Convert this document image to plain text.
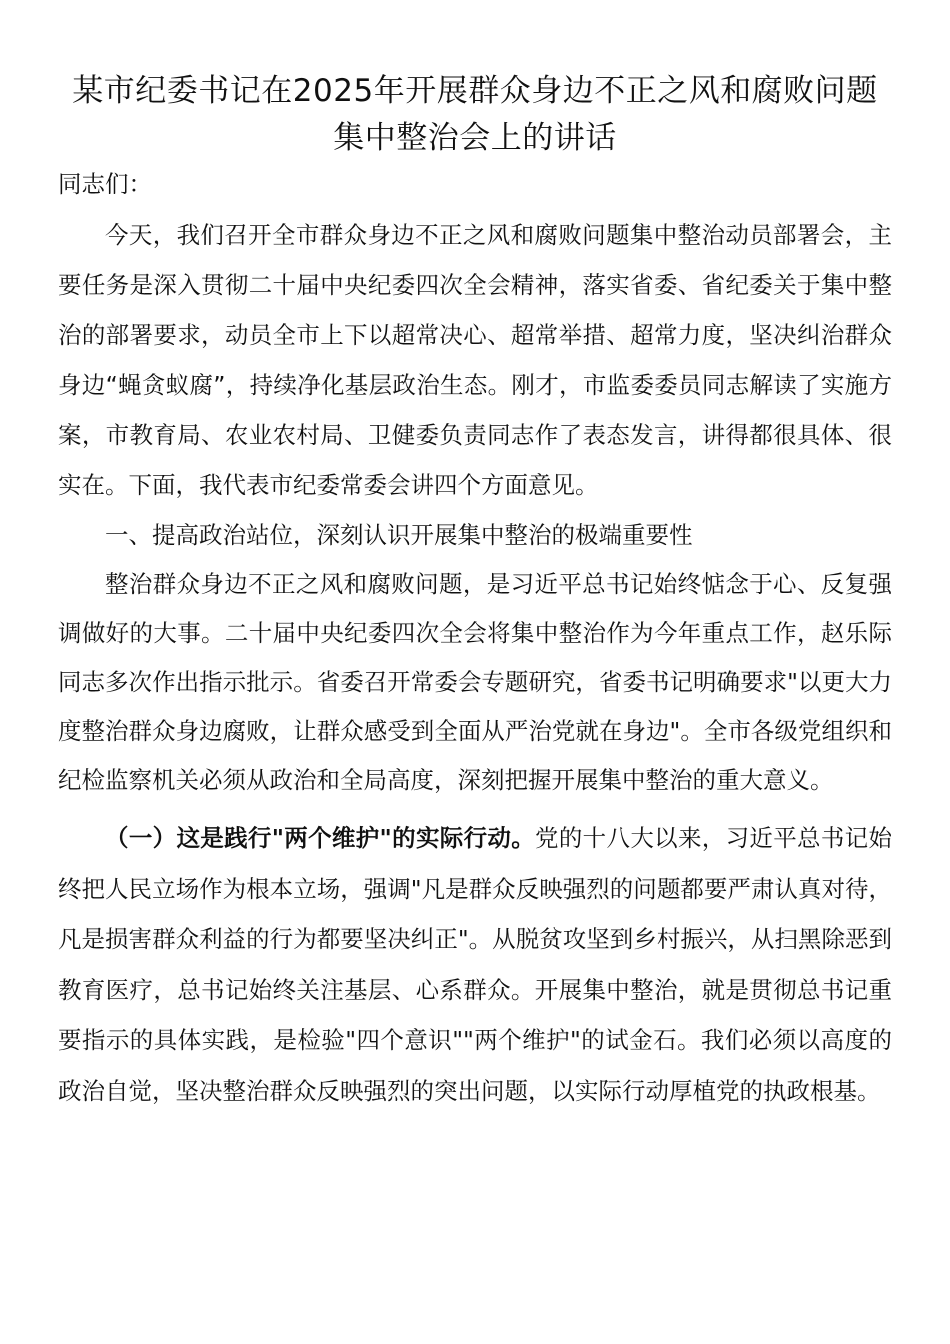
某市纪委书记在2025年开展群众身边不正之风和腐败问题集中整治会上的讲话

同志们：

今天，我们召开全市群众身边不正之风和腐败问题集中整治动员部署会，主要任务是深入贯彻二十届中央纪委四次全会精神，落实省委、省纪委关于集中整治的部署要求，动员全市上下以超常决心、超常举措、超常力度，坚决纠治群众身边“蝇贪蚁腐”，持续净化基层政治生态。刚才，市监委委员同志解读了实施方案，市教育局、农业农村局、卫健委负责同志作了表态发言，讲得都很具体、很实在。下面，我代表市纪委常委会讲四个方面意见。

一、提高政治站位，深刻认识开展集中整治的极端重要性

整治群众身边不正之风和腐败问题，是习近平总书记始终惦念于心、反复强调做好的大事。二十届中央纪委四次全会将集中整治作为今年重点工作，赵乐际同志多次作出指示批示。省委召开常委会专题研究，省委书记明确要求"以更大力度整治群众身边腐败，让群众感受到全面从严治党就在身边"。全市各级党组织和纪检监察机关必须从政治和全局高度，深刻把握开展集中整治的重大意义。

（一）这是践行"两个维护"的实际行动。党的十八大以来，习近平总书记始终把人民立场作为根本立场，强调"凡是群众反映强烈的问题都要严肃认真对待，凡是损害群众利益的行为都要坚决纠正"。从脱贫攻坚到乡村振兴，从扫黑除恶到教育医疗，总书记始终关注基层、心系群众。开展集中整治，就是贯彻总书记重要指示的具体实践，是检验"四个意识""两个维护"的试金石。我们必须以高度的政治自觉，坚决整治群众反映强烈的突出问题，以实际行动厚植党的执政根基。
